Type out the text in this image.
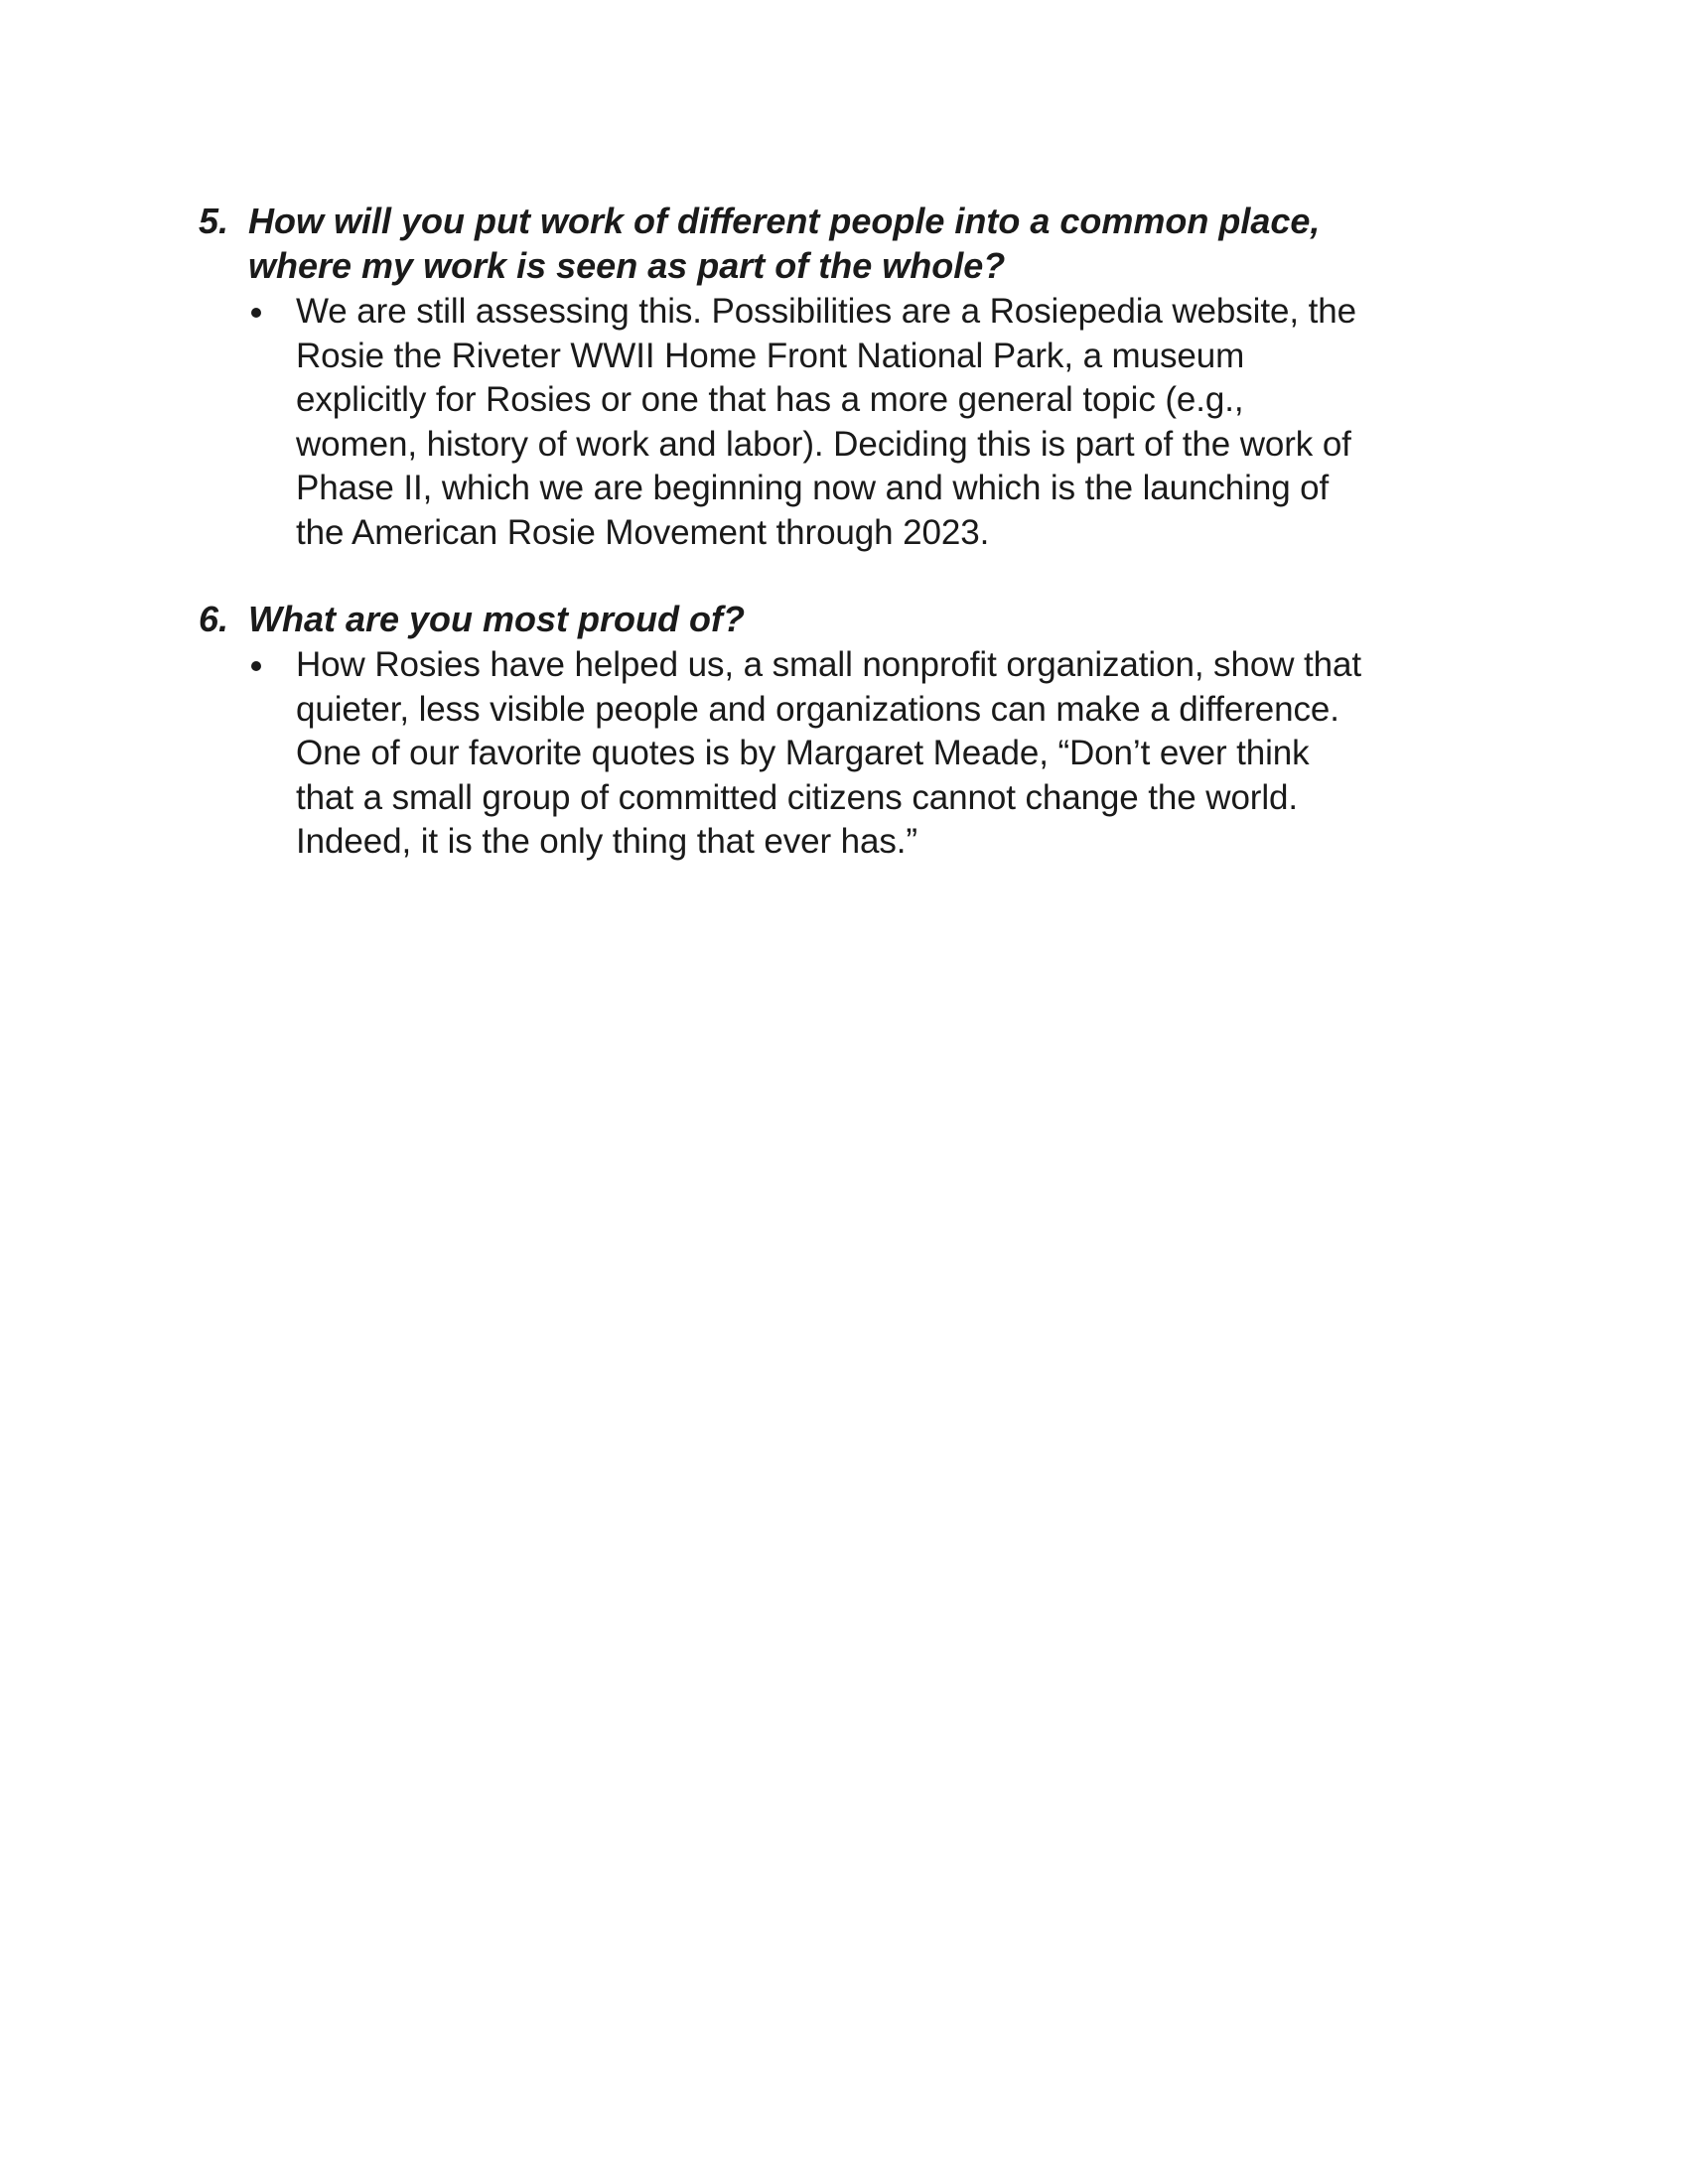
5. How will you put work of different people into a common place,
where my work is seen as part of the whole?
We are still assessing this. Possibilities are a Rosiepedia website, the
Rosie the Riveter WWII Home Front National Park, a museum
explicitly for Rosies or one that has a more general topic (e.g.,
women, history of work and labor). Deciding this is part of the work of
Phase II, which we are beginning now and which is the launching of
the American Rosie Movement through 2023.
6. What are you most proud of?
How Rosies have helped us, a small nonprofit organization, show that
quieter, less visible people and organizations can make a difference.
One of our favorite quotes is by Margaret Meade, “Don’t ever think
that a small group of committed citizens cannot change the world.
Indeed, it is the only thing that ever has.”
